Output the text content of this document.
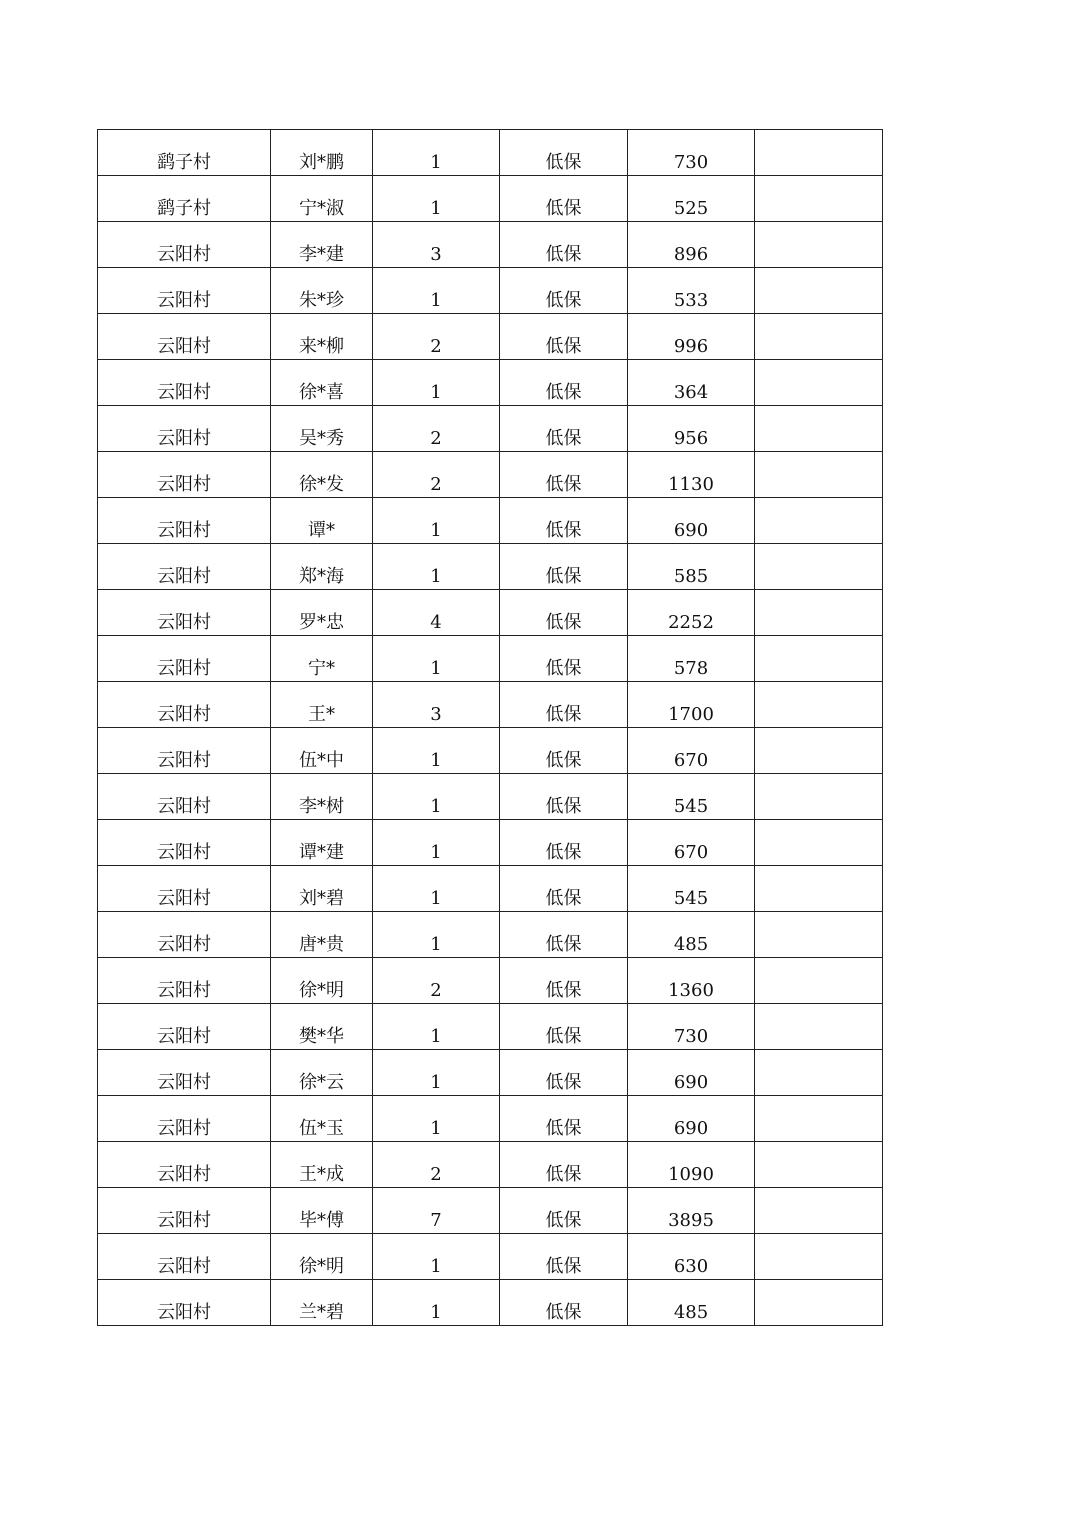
鹞子村	刘*鹏	1	低保	730	
鹞子村	宁*淑	1	低保	525	
云阳村	李*建	3	低保	896	
云阳村	朱*珍	1	低保	533	
云阳村	来*柳	2	低保	996	
云阳村	徐*喜	1	低保	364	
云阳村	吴*秀	2	低保	956	
云阳村	徐*发	2	低保	1130	
云阳村	谭*	1	低保	690	
云阳村	郑*海	1	低保	585	
云阳村	罗*忠	4	低保	2252	
云阳村	宁*	1	低保	578	
云阳村	王*	3	低保	1700	
云阳村	伍*中	1	低保	670	
云阳村	李*树	1	低保	545	
云阳村	谭*建	1	低保	670	
云阳村	刘*碧	1	低保	545	
云阳村	唐*贵	1	低保	485	
云阳村	徐*明	2	低保	1360	
云阳村	樊*华	1	低保	730	
云阳村	徐*云	1	低保	690	
云阳村	伍*玉	1	低保	690	
云阳村	王*成	2	低保	1090	
云阳村	毕*傅	7	低保	3895	
云阳村	徐*明	1	低保	630	
云阳村	兰*碧	1	低保	485	
